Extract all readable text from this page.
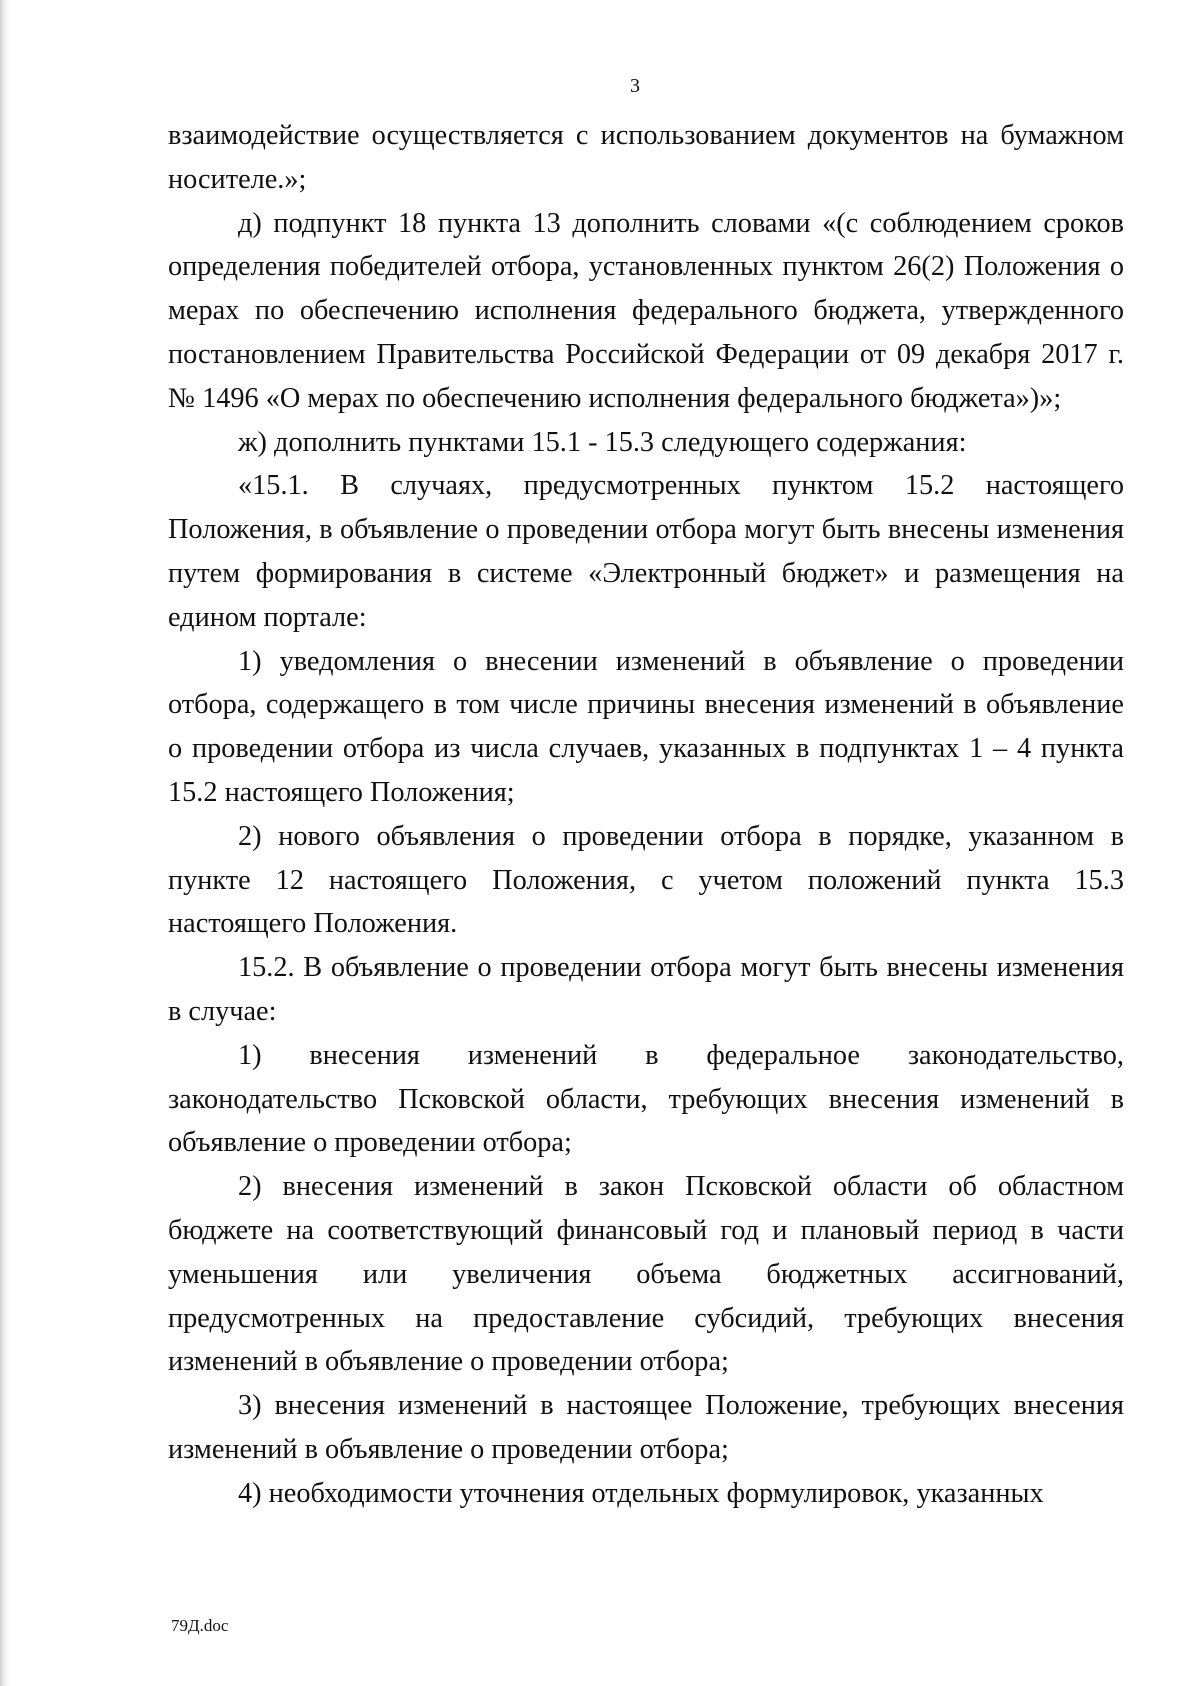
3

взаимодействие осуществляется с использованием документов на бумажном носителе.»;

д) подпункт 18 пункта 13 дополнить словами «(с соблюдением сроков определения победителей отбора, установленных пунктом 26(2) Положения о мерах по обеспечению исполнения федерального бюджета, утвержденного постановлением Правительства Российской Федерации от 09 декабря 2017 г. № 1496 «О мерах по обеспечению исполнения федерального бюджета»)»;

ж) дополнить пунктами 15.1 - 15.3 следующего содержания:

«15.1. В случаях, предусмотренных пунктом 15.2 настоящего Положения, в объявление о проведении отбора могут быть внесены изменения путем формирования в системе «Электронный бюджет» и размещения на едином портале:

1) уведомления о внесении изменений в объявление о проведении отбора, содержащего в том числе причины внесения изменений в объявление о проведении отбора из числа случаев, указанных в подпунктах 1 – 4 пункта 15.2 настоящего Положения;

2) нового объявления о проведении отбора в порядке, указанном в пункте 12 настоящего Положения, с учетом положений пункта 15.3 настоящего Положения.

15.2. В объявление о проведении отбора могут быть внесены изменения в случае:

1) внесения изменений в федеральное законодательство, законодательство Псковской области, требующих внесения изменений в объявление о проведении отбора;

2) внесения изменений в закон Псковской области об областном бюджете на соответствующий финансовый год и плановый период в части уменьшения или увеличения объема бюджетных ассигнований, предусмотренных на предоставление субсидий, требующих внесения изменений в объявление о проведении отбора;

3) внесения изменений в настоящее Положение, требующих внесения изменений в объявление о проведении отбора;

4) необходимости уточнения отдельных формулировок, указанных

79Д.doc
